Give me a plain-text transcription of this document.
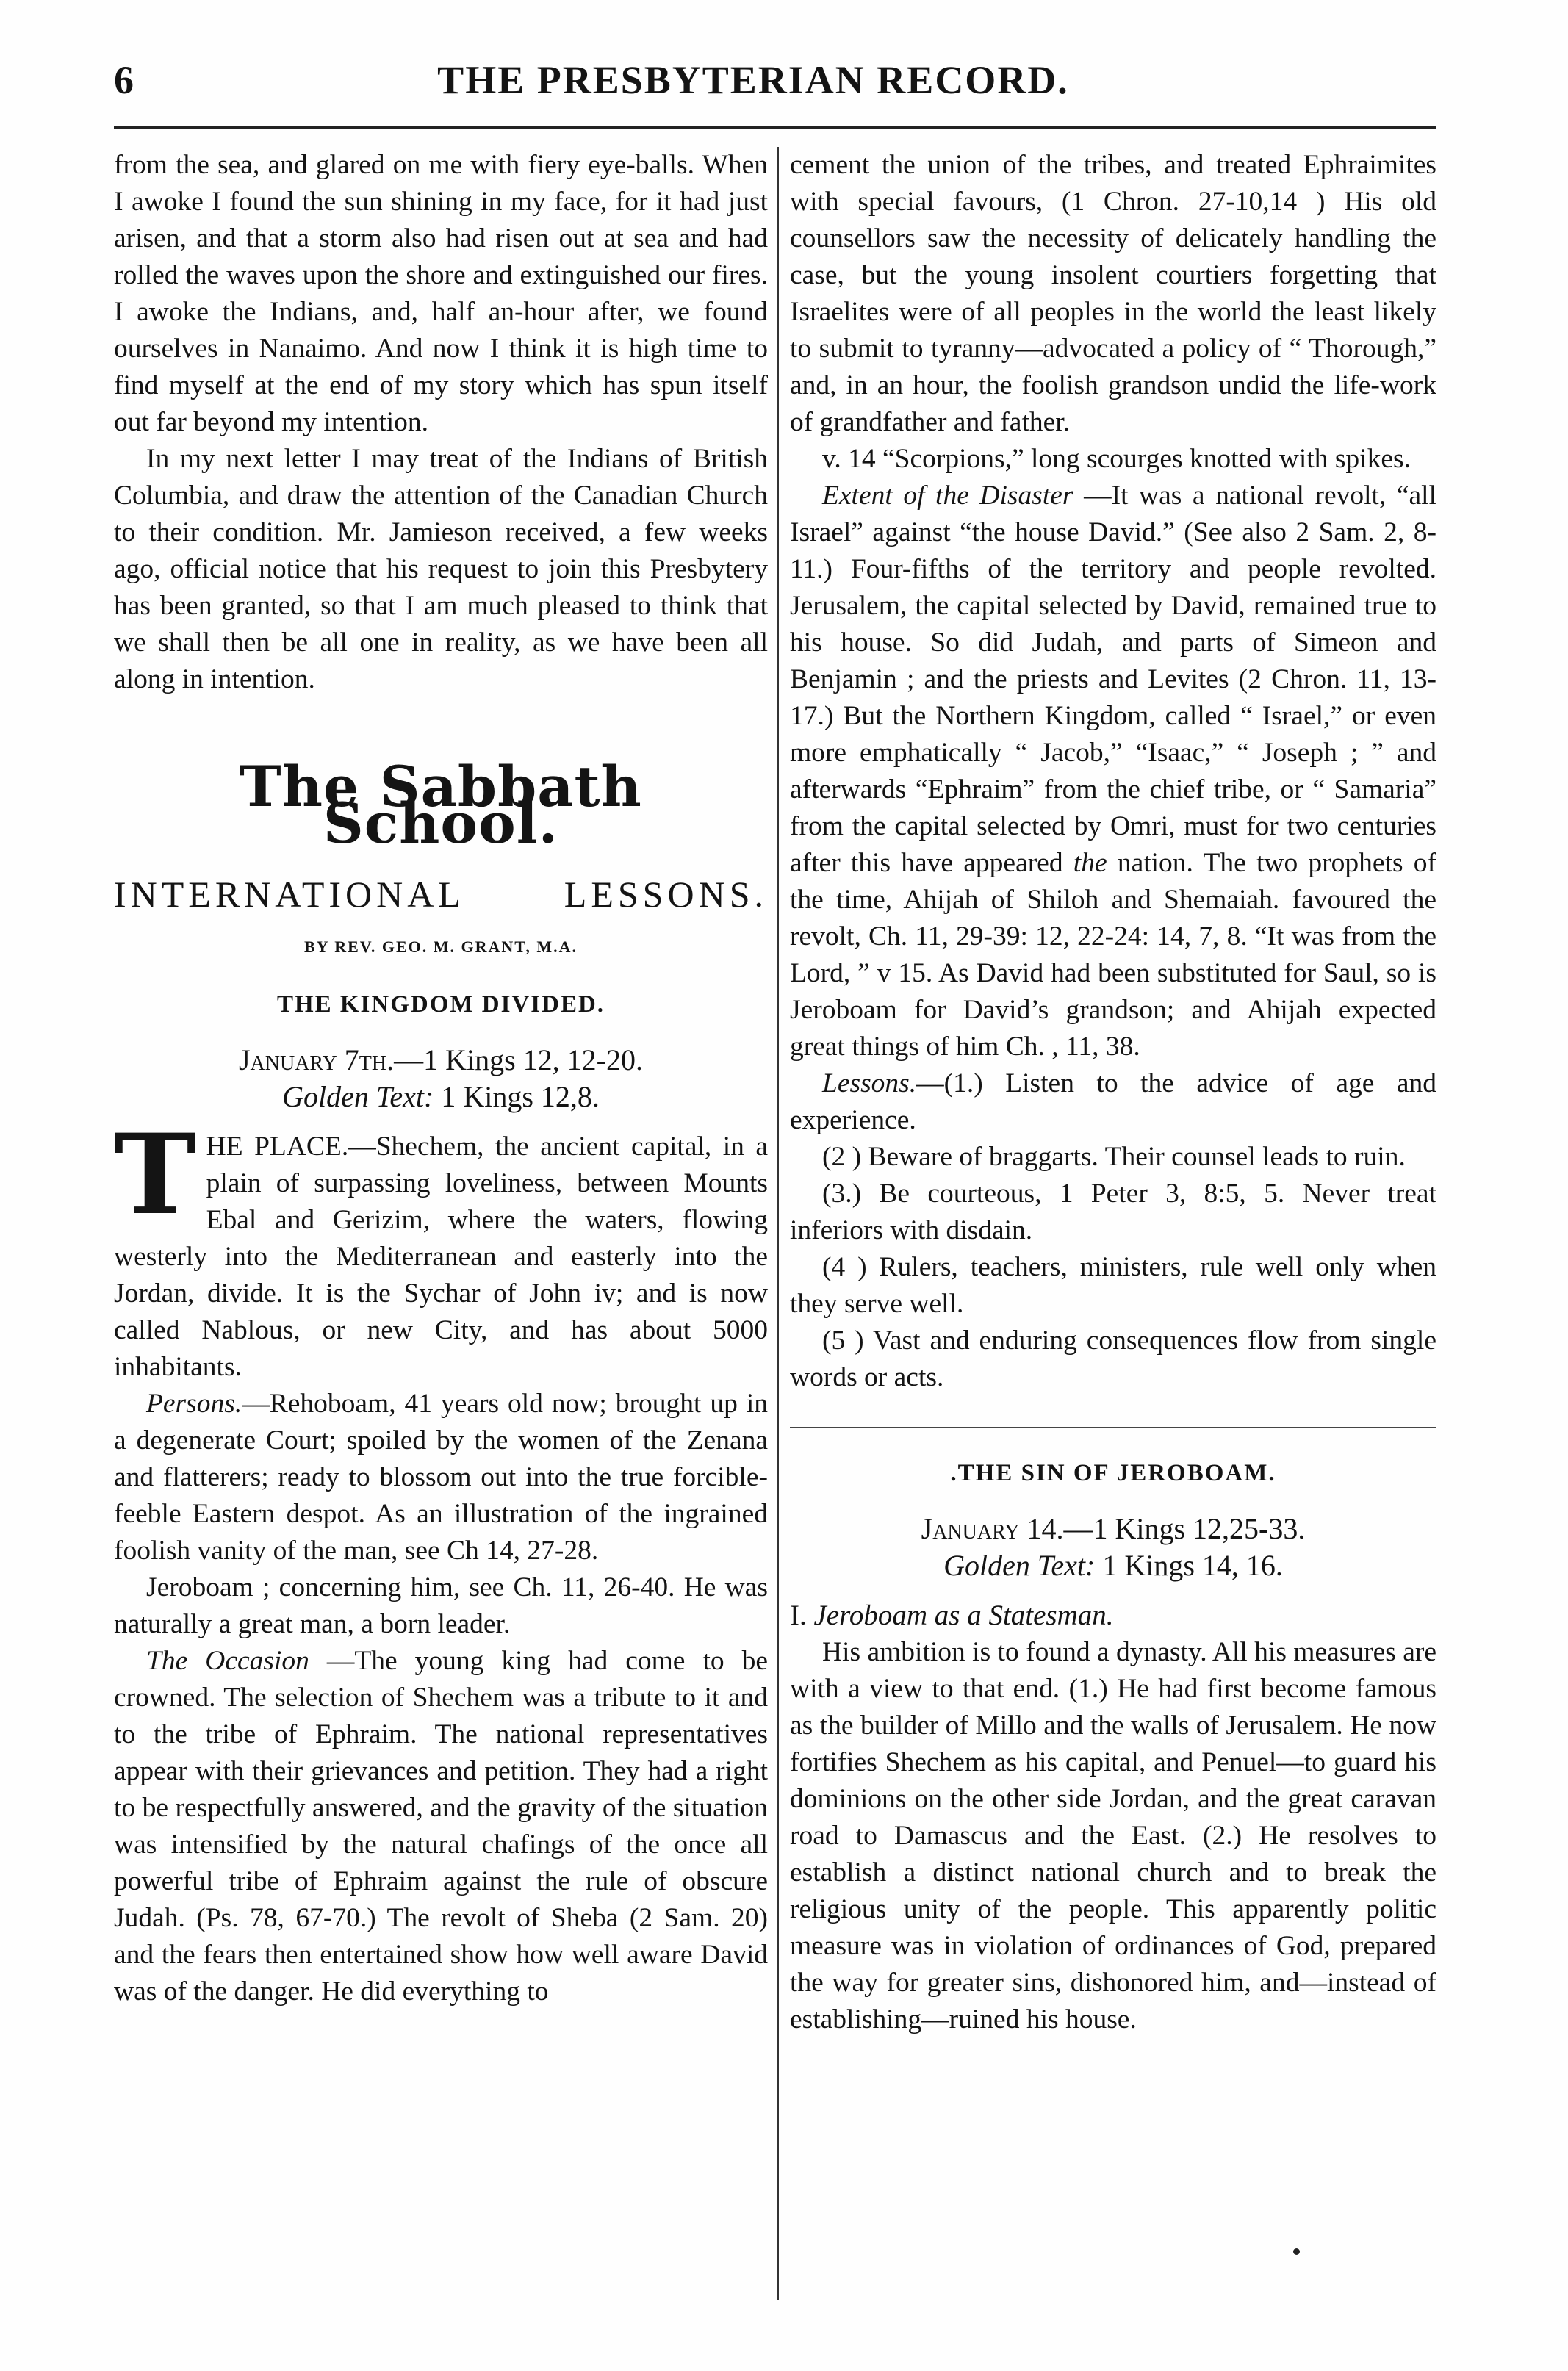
6	THE PRESBYTERIAN RECORD.

from the sea, and glared on me with fiery eye-balls. When I awoke I found the sun shining in my face, for it had just arisen, and that a storm also had risen out at sea and had rolled the waves upon the shore and extinguished our fires. I awoke the Indians, and, half an-hour after, we found ourselves in Nanaimo. And now I think it is high time to find myself at the end of my story which has spun itself out far beyond my intention.

In my next letter I may treat of the Indians of British Columbia, and draw the attention of the Canadian Church to their condition. Mr. Jamieson received, a few weeks ago, official notice that his request to join this Presbytery has been granted, so that I am much pleased to think that we shall then be all one in reality, as we have been all along in intention.

The Sabbath School.
INTERNATIONAL LESSONS.
BY REV. GEO. M. GRANT, M.A.
THE KINGDOM DIVIDED.
January 7th.—1 Kings 12, 12-20.
Golden Text: 1 Kings 12,8.

THE PLACE.—Shechem, the ancient capital, in a plain of surpassing loveliness, between Mounts Ebal and Gerizim, where the waters, flowing westerly into the Mediterranean and easterly into the Jordan, divide. It is the Sychar of John iv; and is now called Nablous, or new City, and has about 5000 inhabitants.

Persons.—Rehoboam, 41 years old now; brought up in a degenerate Court; spoiled by the women of the Zenana and flatterers; ready to blossom out into the true forcible-feeble Eastern despot. As an illustration of the ingrained foolish vanity of the man, see Ch 14, 27-28.

Jeroboam ; concerning him, see Ch. 11, 26-40. He was naturally a great man, a born leader.

The Occasion —The young king had come to be crowned. The selection of Shechem was a tribute to it and to the tribe of Ephraim. The national representatives appear with their grievances and petition. They had a right to be respectfully answered, and the gravity of the situation was intensified by the natural chafings of the once all powerful tribe of Ephraim against the rule of obscure Judah. (Ps. 78, 67-70.) The revolt of Sheba (2 Sam. 20) and the fears then entertained show how well aware David was of the danger. He did everything to

cement the union of the tribes, and treated Ephraimites with special favours, (1 Chron. 27-10,14 ) His old counsellors saw the necessity of delicately handling the case, but the young insolent courtiers forgetting that Israelites were of all peoples in the world the least likely to submit to tyranny—advocated a policy of “ Thorough,” and, in an hour, the foolish grandson undid the life-work of grandfather and father.

v. 14 “Scorpions,” long scourges knotted with spikes.

Extent of the Disaster —It was a national revolt, “all Israel” against “the house David.” (See also 2 Sam. 2, 8-11.) Four-fifths of the territory and people revolted. Jerusalem, the capital selected by David, remained true to his house. So did Judah, and parts of Simeon and Benjamin ; and the priests and Levites (2 Chron. 11, 13-17.) But the Northern Kingdom, called “ Israel,” or even more emphatically “ Jacob,” “Isaac,” “ Joseph ; ” and afterwards “Ephraim” from the chief tribe, or “ Samaria” from the capital selected by Omri, must for two centuries after this have appeared the nation. The two prophets of the time, Ahijah of Shiloh and Shemaiah. favoured the revolt, Ch. 11, 29-39: 12, 22-24: 14, 7, 8. “It was from the Lord, ” v 15. As David had been substituted for Saul, so is Jeroboam for David’s grandson; and Ahijah expected great things of him Ch. , 11, 38.

Lessons.—(1.) Listen to the advice of age and experience.

(2 ) Beware of braggarts. Their counsel leads to ruin.

(3.) Be courteous, 1 Peter 3, 8:5, 5. Never treat inferiors with disdain.

(4 ) Rulers, teachers, ministers, rule well only when they serve well.

(5 ) Vast and enduring consequences flow from single words or acts.

.THE SIN OF JEROBOAM.
January 14.—1 Kings 12,25-33.
Golden Text: 1 Kings 14, 16.

I. Jeroboam as a Statesman.

His ambition is to found a dynasty. All his measures are with a view to that end. (1.) He had first become famous as the builder of Millo and the walls of Jerusalem. He now fortifies Shechem as his capital, and Penuel—to guard his dominions on the other side Jordan, and the great caravan road to Damascus and the East. (2.) He resolves to establish a distinct national church and to break the religious unity of the people. This apparently politic measure was in violation of ordinances of God, prepared the way for greater sins, dishonored him, and—instead of establishing—ruined his house.
